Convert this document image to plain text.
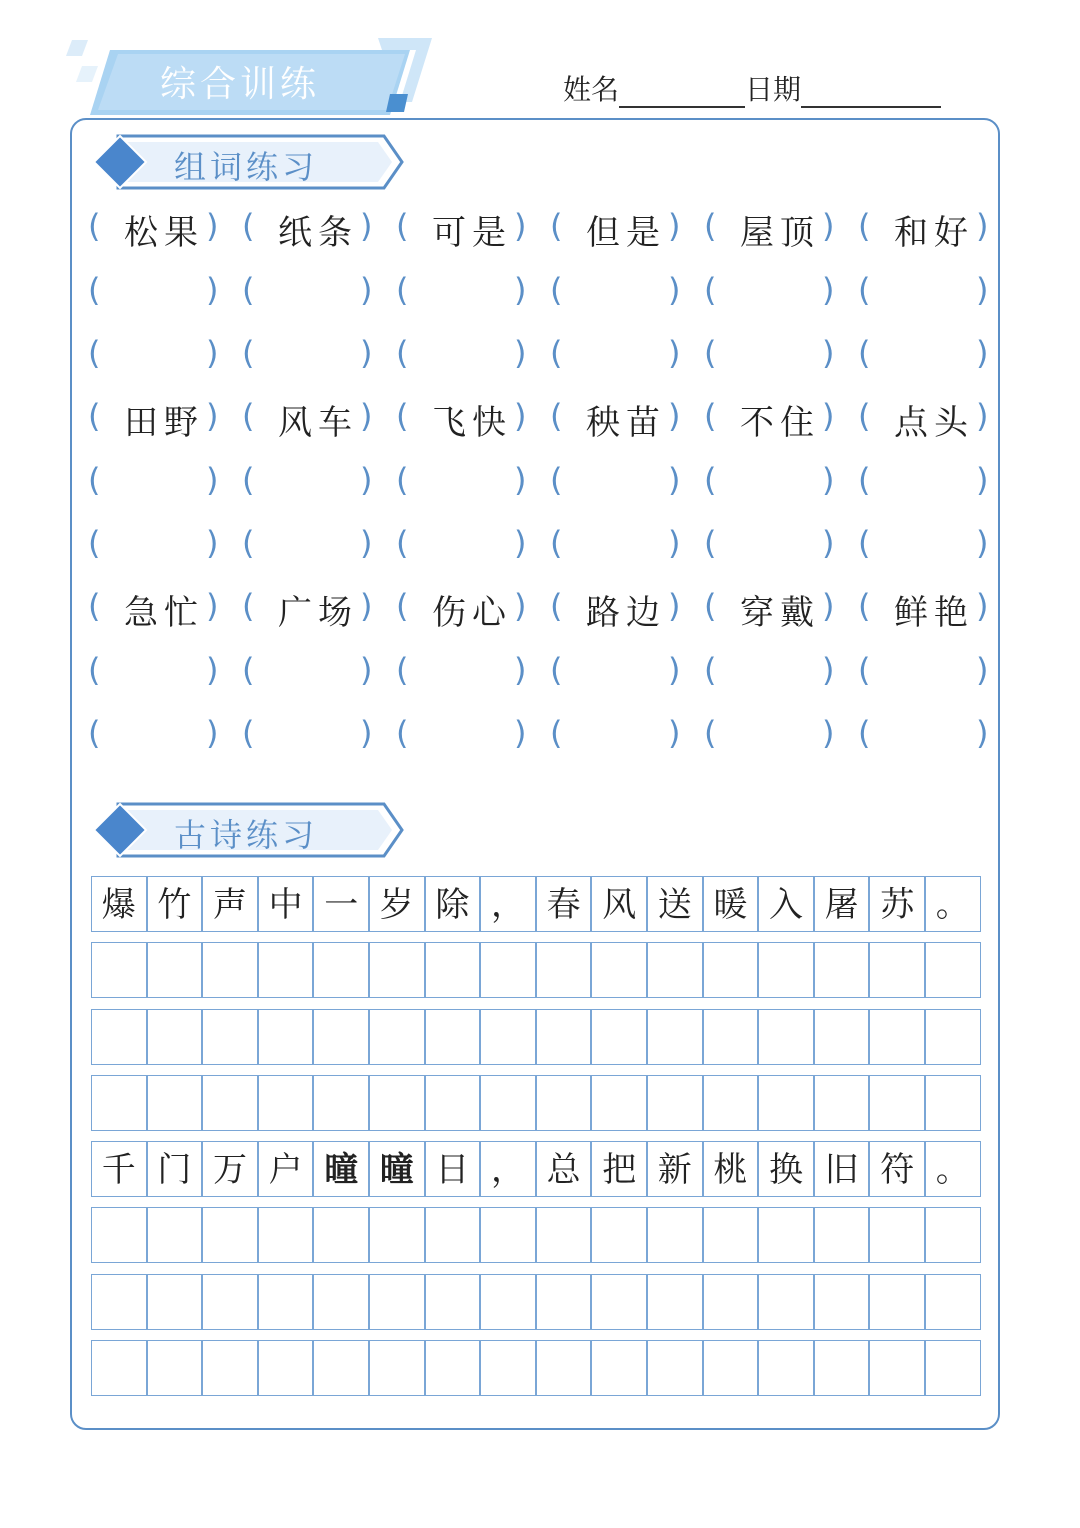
综合训练	姓名	日期
组词练习
古诗练习
( 松果 ) ( 纸条 ) ( 可是 ) ( 但是 ) ( 屋顶 ) ( 和好 )
(	) (	) (	) (	) (	) (	)
(	) (	) (	) (	) (	) (	)
( 田野 ) ( 风车 ) ( 飞快 ) ( 秧苗 ) ( 不住 ) ( 点头 )
(	) (	) (	) (	) (	) (	)
(	) (	) (	) (	) (	) (	)
( 急忙 ) ( 广场 ) ( 伤心 ) ( 路边 ) ( 穿戴 ) ( 鲜艳 )
(	) (	) (	) (	) (	) (	)
(	) (	) (	) (	) (	) (	)
爆 竹 声 中 一 岁 除 ， 春 风 送 暖 入 屠 苏 。
千 门 万 户 曈 曈 日 ， 总 把 新 桃 换 旧 符 。
